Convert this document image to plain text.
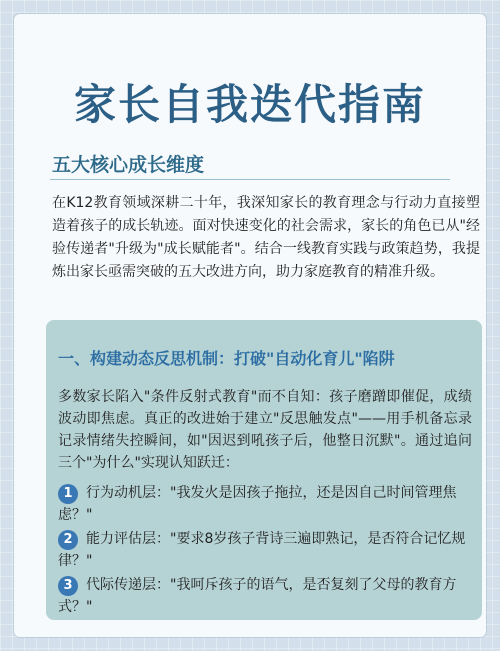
家长自我迭代指南
五大核心成长维度
在K12教育领域深耕二十年，我深知家长的教育理念与行动力直接塑造着孩子的成长轨迹。面对快速变化的社会需求，家长的角色已从"经验传递者"升级为"成长赋能者"。结合一线教育实践与政策趋势，我提炼出家长亟需突破的五大改进方向，助力家庭教育的精准升级。
一、构建动态反思机制：打破"自动化育儿"陷阱
多数家长陷入"条件反射式教育"而不自知：孩子磨蹭即催促，成绩波动即焦虑。真正的改进始于建立"反思触发点"——用手机备忘录记录情绪失控瞬间，如"因迟到吼孩子后，他整日沉默"。通过追问三个"为什么"实现认知跃迁：
1 行为动机层："我发火是因孩子拖拉，还是因自己时间管理焦虑？"
2 能力评估层："要求8岁孩子背诗三遍即熟记，是否符合记忆规律？"
3 代际传递层："我呵斥孩子的语气，是否复刻了父母的教育方式？"
